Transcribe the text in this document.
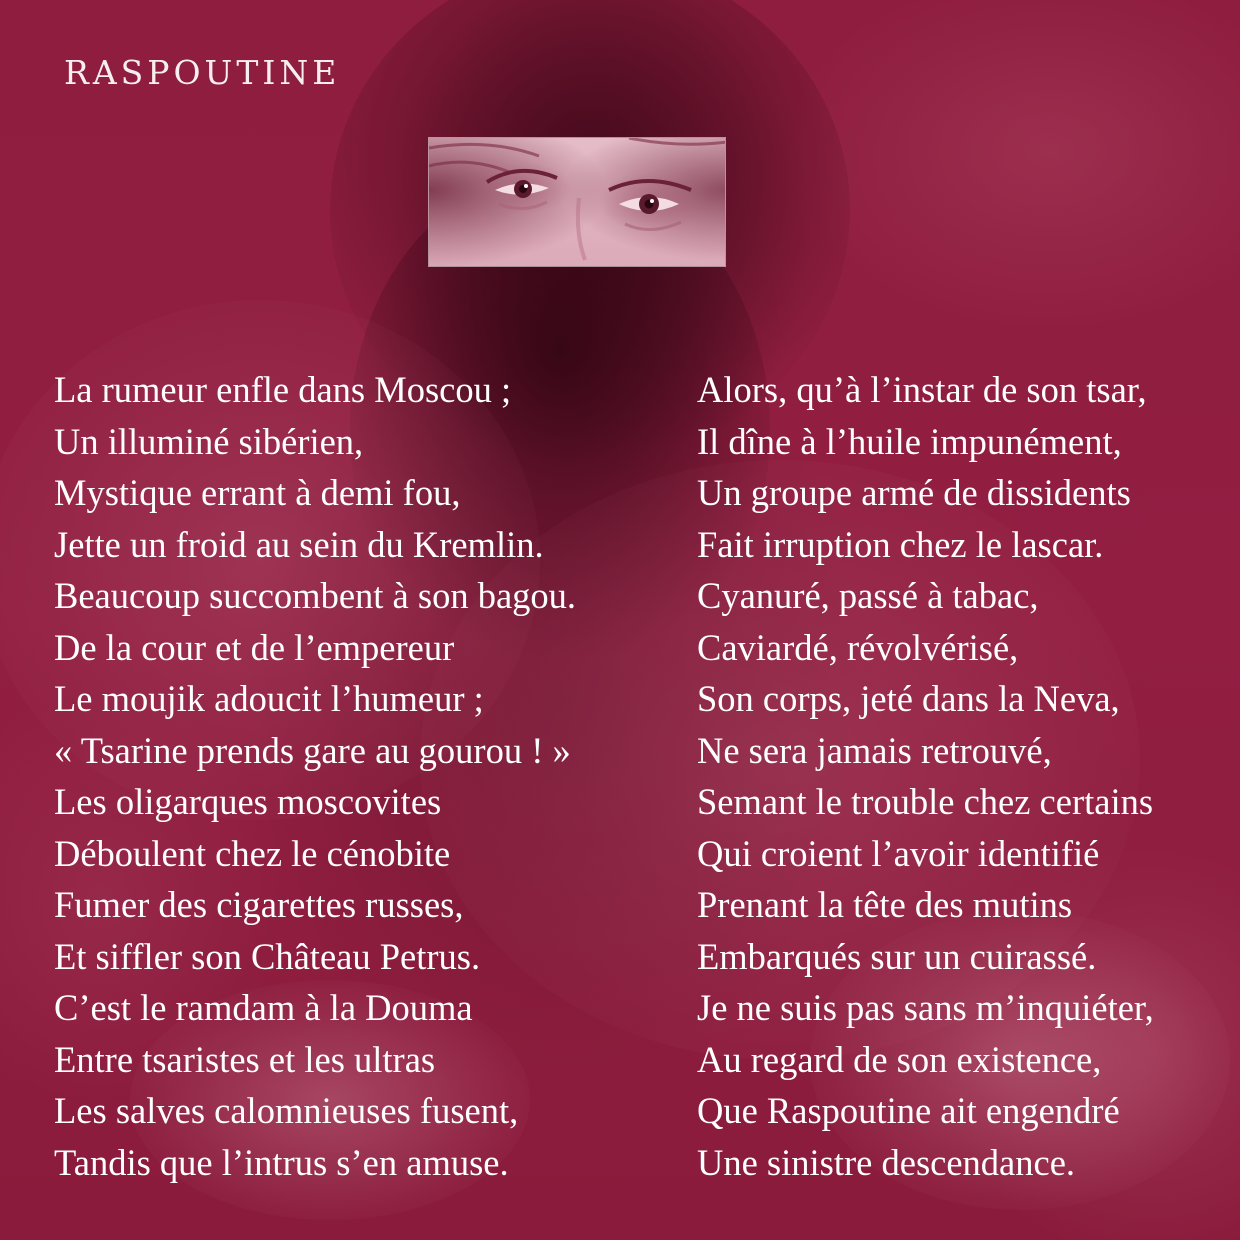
RASPOUTINE
La rumeur enfle dans Moscou ;
Un illuminé sibérien,
Mystique errant à demi fou,
Jette un froid au sein du Kremlin.
Beaucoup succombent à son bagou.
De la cour et de l’empereur
Le moujik adoucit l’humeur ;
« Tsarine prends gare au gourou ! »
Les oligarques moscovites
Déboulent chez le cénobite
Fumer des cigarettes russes,
Et siffler son Château Petrus.
C’est le ramdam à la Douma
Entre tsaristes et les ultras
Les salves calomnieuses fusent,
Tandis que l’intrus s’en amuse.
Alors, qu’à l’instar de son tsar,
Il dîne à l’huile impunément,
Un groupe armé de dissidents
Fait irruption chez le lascar.
Cyanuré, passé à tabac,
Caviardé, révolvérisé,
Son corps, jeté dans la Neva,
Ne sera jamais retrouvé,
Semant le trouble chez certains
Qui croient l’avoir identifié
Prenant la tête des mutins
Embarqués sur un cuirassé.
Je ne suis pas sans m’inquiéter,
Au regard de son existence,
Que Raspoutine ait engendré
Une sinistre descendance.
